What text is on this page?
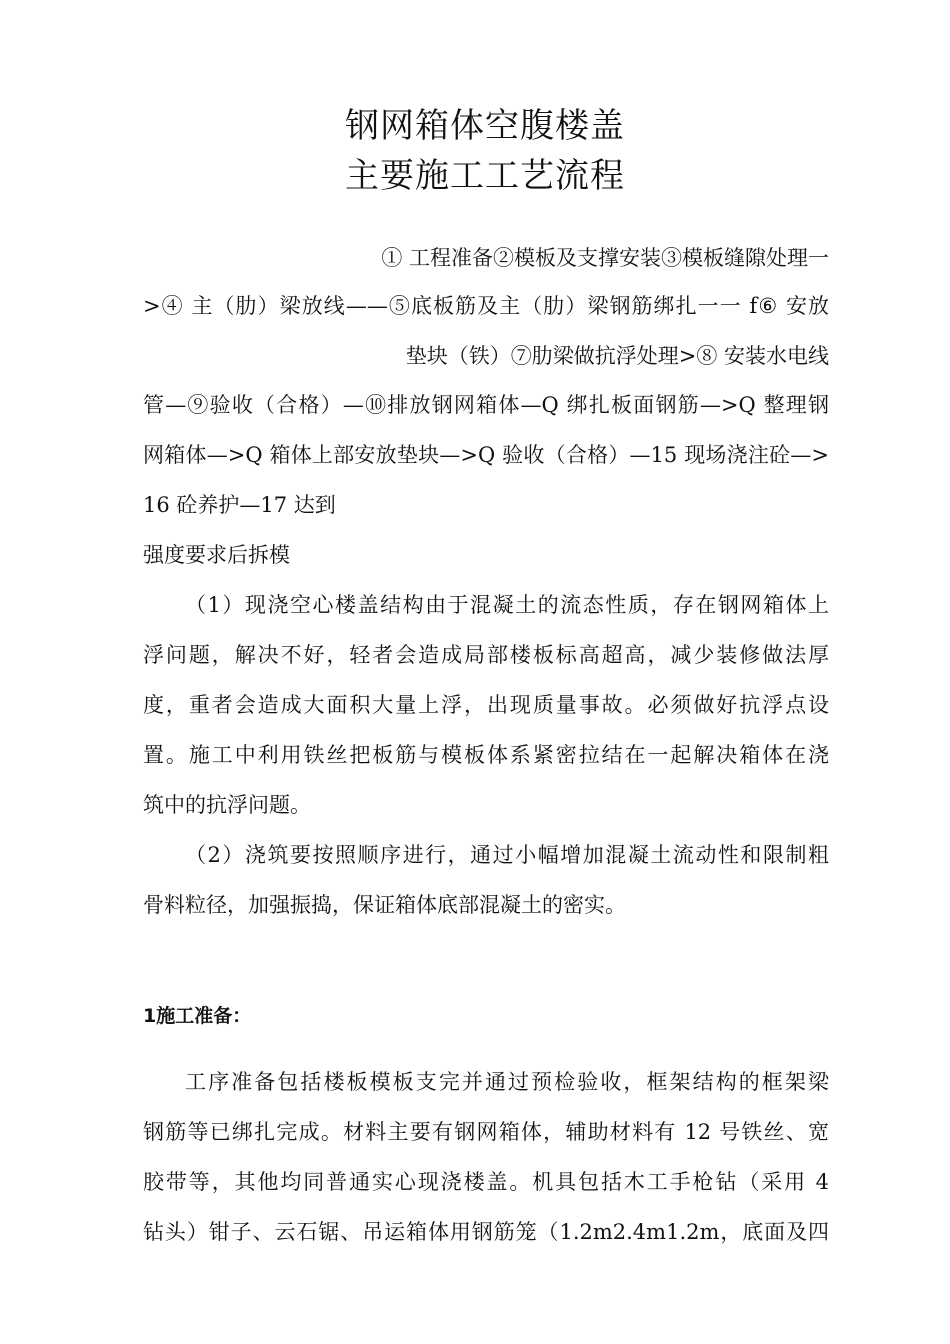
钢网箱体空腹楼盖
主要施工工艺流程
① 工程准备②模板及支撑安装③模板缝隙处理一
>④ 主（肋）梁放线——⑤底板筋及主（肋）梁钢筋绑扎一一 f⑥ 安放
垫块（铁）⑦肋梁做抗浮处理>⑧ 安装水电线
管—⑨验收（合格）—⑩排放钢网箱体—Q 绑扎板面钢筋—>Q 整理钢
网箱体—>Q 箱体上部安放垫块—>Q 验收（合格）—15 现场浇注砼—>
16 砼养护—17 达到
强度要求后拆模
（1）现浇空心楼盖结构由于混凝土的流态性质，存在钢网箱体上
浮问题，解决不好，轻者会造成局部楼板标高超高，减少装修做法厚
度，重者会造成大面积大量上浮，出现质量事故。必须做好抗浮点设
置。施工中利用铁丝把板筋与模板体系紧密拉结在一起解决箱体在浇
筑中的抗浮问题。
（2）浇筑要按照顺序进行，通过小幅增加混凝土流动性和限制粗
骨料粒径，加强振捣，保证箱体底部混凝土的密实。
1施工准备：
工序准备包括楼板模板支完并通过预检验收，框架结构的框架梁
钢筋等已绑扎完成。材料主要有钢网箱体，辅助材料有 12 号铁丝、宽
胶带等，其他均同普通实心现浇楼盖。机具包括木工手枪钻（采用 4
钻头）钳子、云石锯、吊运箱体用钢筋笼（1.2m2.4m1.2m，底面及四
